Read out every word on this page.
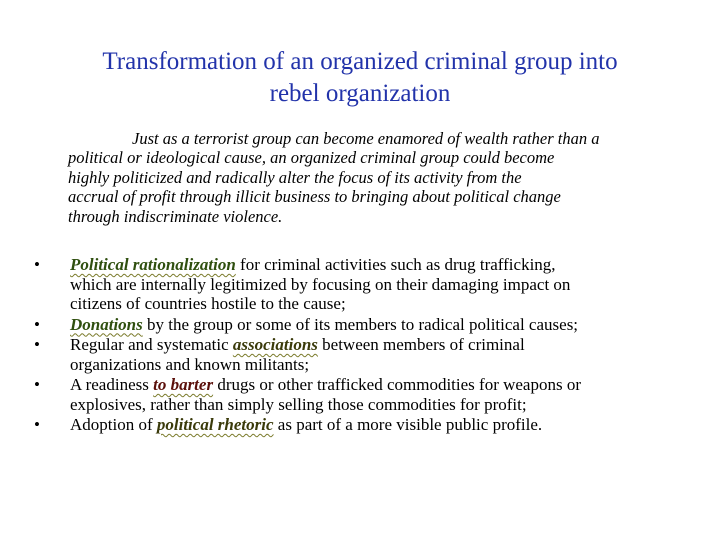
Transformation of an organized criminal group into
rebel organization

Just as a terrorist group can become enamored of wealth rather than a
political or ideological cause, an organized criminal group could become
highly politicized and radically alter the focus of its activity from the
accrual of profit through illicit business to bringing about political change
through indiscriminate violence.

• Political rationalization for criminal activities such as drug trafficking,
which are internally legitimized by focusing on their damaging impact on
citizens of countries hostile to the cause;
• Donations by the group or some of its members to radical political causes;
• Regular and systematic associations between members of criminal
organizations and known militants;
• A readiness to barter drugs or other trafficked commodities for weapons or
explosives, rather than simply selling those commodities for profit;
• Adoption of political rhetoric as part of a more visible public profile.
